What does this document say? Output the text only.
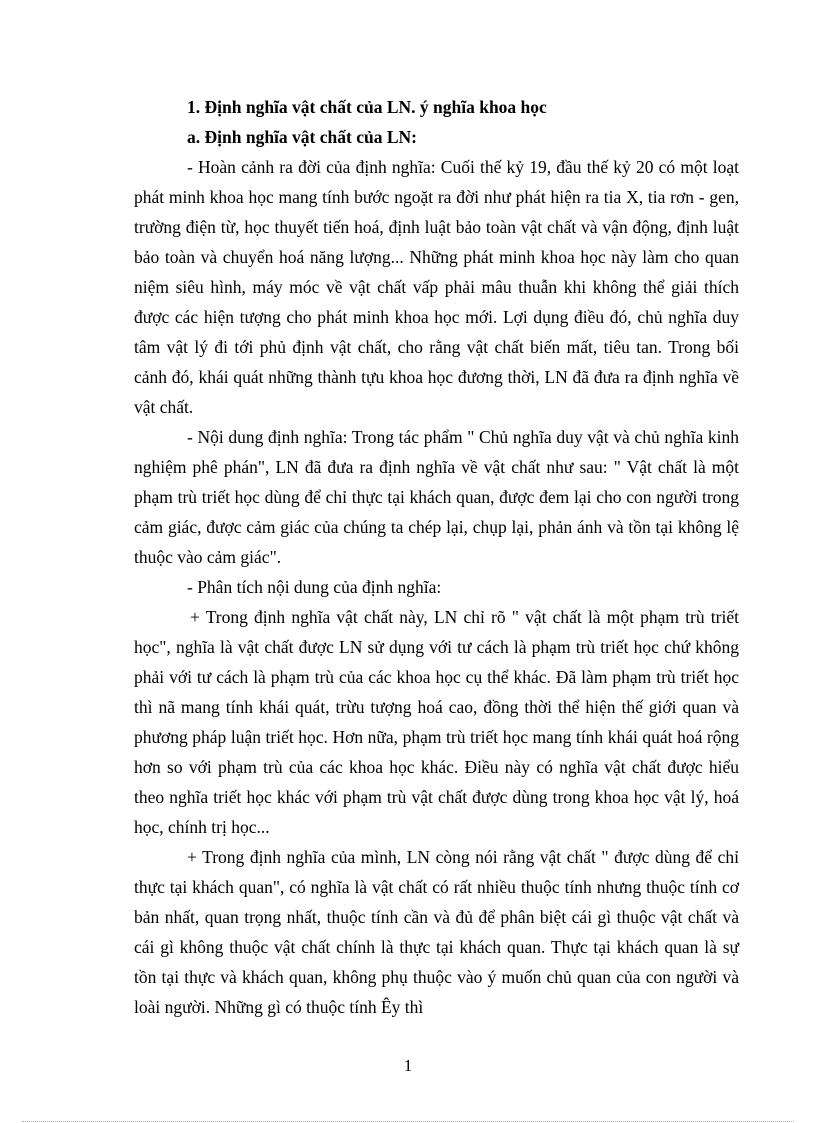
1. Định nghĩa vật chất của LN. ý nghĩa khoa học

a. Định nghĩa vật chất của LN:

- Hoàn cảnh ra đời của định nghĩa: Cuối thế kỷ 19, đầu thế kỷ 20 có một loạt phát minh khoa học mang tính bước ngoặt ra đời như phát hiện ra tia X, tia rơn - gen, trường điện từ, học thuyết tiến hoá, định luật bảo toàn vật chất và vận động, định luật bảo toàn và chuyển hoá năng lượng... Những phát minh khoa học này làm cho quan niệm siêu hình, máy móc về vật chất vấp phải mâu thuẫn khi không thể giải thích được các hiện tượng cho phát minh khoa học mới. Lợi dụng điều đó, chủ nghĩa duy tâm vật lý đi tới phủ định vật chất, cho rằng vật chất biến mất, tiêu tan. Trong bối cảnh đó, khái quát những thành tựu khoa học đương thời, LN đã đưa ra định nghĩa về vật chất.

- Nội dung định nghĩa: Trong tác phẩm " Chủ nghĩa duy vật và chủ nghĩa kinh nghiệm phê phán", LN đã đưa ra định nghĩa về vật chất như sau: " Vật chất là một phạm trù triết học dùng để chỉ thực tại khách quan, được đem lại cho con người trong cảm giác, được cảm giác của chúng ta chép lại, chụp lại, phản ánh và tồn tại không lệ thuộc vào cảm giác".

- Phân tích nội dung của định nghĩa:

+ Trong định nghĩa vật chất này, LN chỉ rõ " vật chất là một phạm trù triết học", nghĩa là vật chất được LN sử dụng với tư cách là phạm trù triết học chứ không phải với tư cách là phạm trù của các khoa học cụ thể khác. Đã làm phạm trù triết học thì nã mang tính khái quát, trừu tượng hoá cao, đồng thời thể hiện thế giới quan và phương pháp luận triết học. Hơn nữa, phạm trù triết học mang tính khái quát hoá rộng hơn so với phạm trù của các khoa học khác. Điều này có nghĩa vật chất được hiểu theo nghĩa triết học khác với phạm trù vật chất được dùng trong khoa học vật lý, hoá học, chính trị học...

+ Trong định nghĩa của mình, LN còng nói rằng vật chất " được dùng để chỉ thực tại khách quan", có nghĩa là vật chất có rất nhiều thuộc tính nhưng thuộc tính cơ bản nhất, quan trọng nhất, thuộc tính cần và đủ để phân biệt cái gì thuộc vật chất và cái gì không thuộc vật chất chính là thực tại khách quan. Thực tại khách quan là sự tồn tại thực và khách quan, không phụ thuộc vào ý muốn chủ quan của con người và loài người. Những gì có thuộc tính Êy thì

1
